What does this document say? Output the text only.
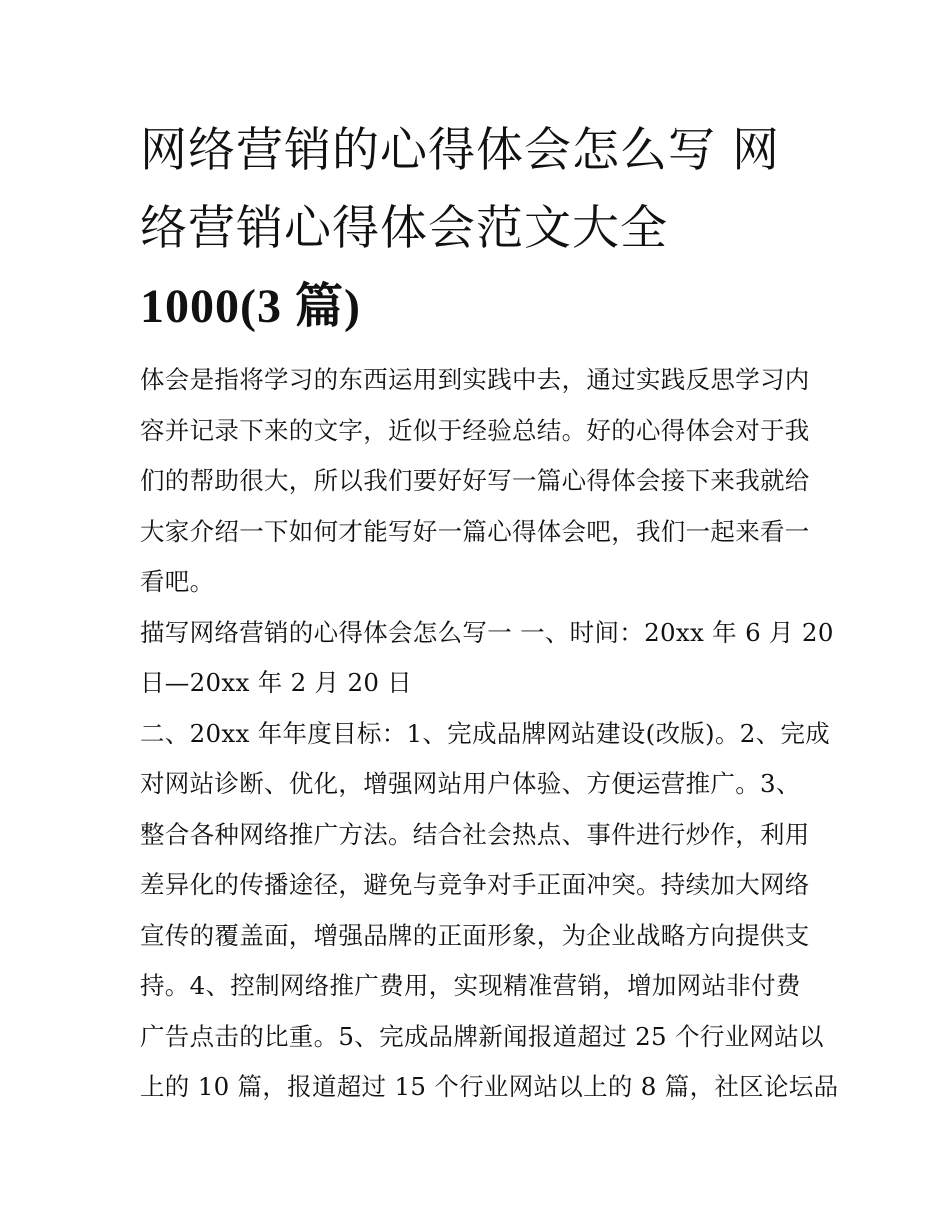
网络营销的心得体会怎么写 网
络营销心得体会范文大全
1000(3 篇)
体会是指将学习的东西运用到实践中去，通过实践反思学习内
容并记录下来的文字，近似于经验总结。好的心得体会对于我
们的帮助很大，所以我们要好好写一篇心得体会接下来我就给
大家介绍一下如何才能写好一篇心得体会吧，我们一起来看一
看吧。
描写网络营销的心得体会怎么写一 一、时间：20xx 年 6 月 20
日—20xx 年 2 月 20 日
二、20xx 年年度目标：1、完成品牌网站建设(改版)。2、完成
对网站诊断、优化，增强网站用户体验、方便运营推广。3、
整合各种网络推广方法。结合社会热点、事件进行炒作，利用
差异化的传播途径，避免与竞争对手正面冲突。持续加大网络
宣传的覆盖面，增强品牌的正面形象，为企业战略方向提供支
持。4、控制网络推广费用，实现精准营销，增加网站非付费
广告点击的比重。5、完成品牌新闻报道超过 25 个行业网站以
上的 10 篇，报道超过 15 个行业网站以上的 8 篇，社区论坛品
